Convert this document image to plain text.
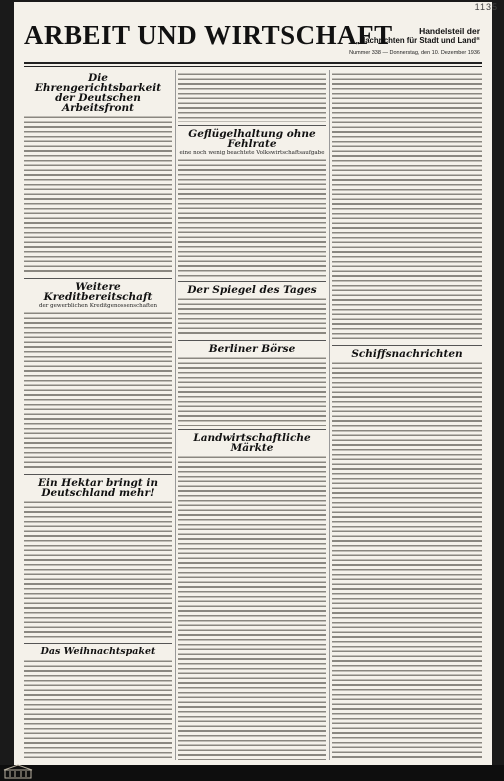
ARBEIT UND WIRTSCHAFT	Handelsteil der
„Nachrichten für Stadt und Land“
Nummer 338 — Donnerstag, den 10. Dezember 1936
Die Ehrengerichtsbarkeit der Deutschen Arbeitsfront
Weitere Kreditbereitschaft
der gewerblichen Kreditgenossenschaften
Ein Hektar bringt in Deutschland mehr!
Das Weihnachtspaket
Geflügelhaltung ohne Fehlrate
eine noch wenig beachtete Volkswirtschaftsaufgabe
Der Spiegel des Tages
Berliner Börse
Landwirtschaftliche Märkte
Schiffsnachrichten
1135
